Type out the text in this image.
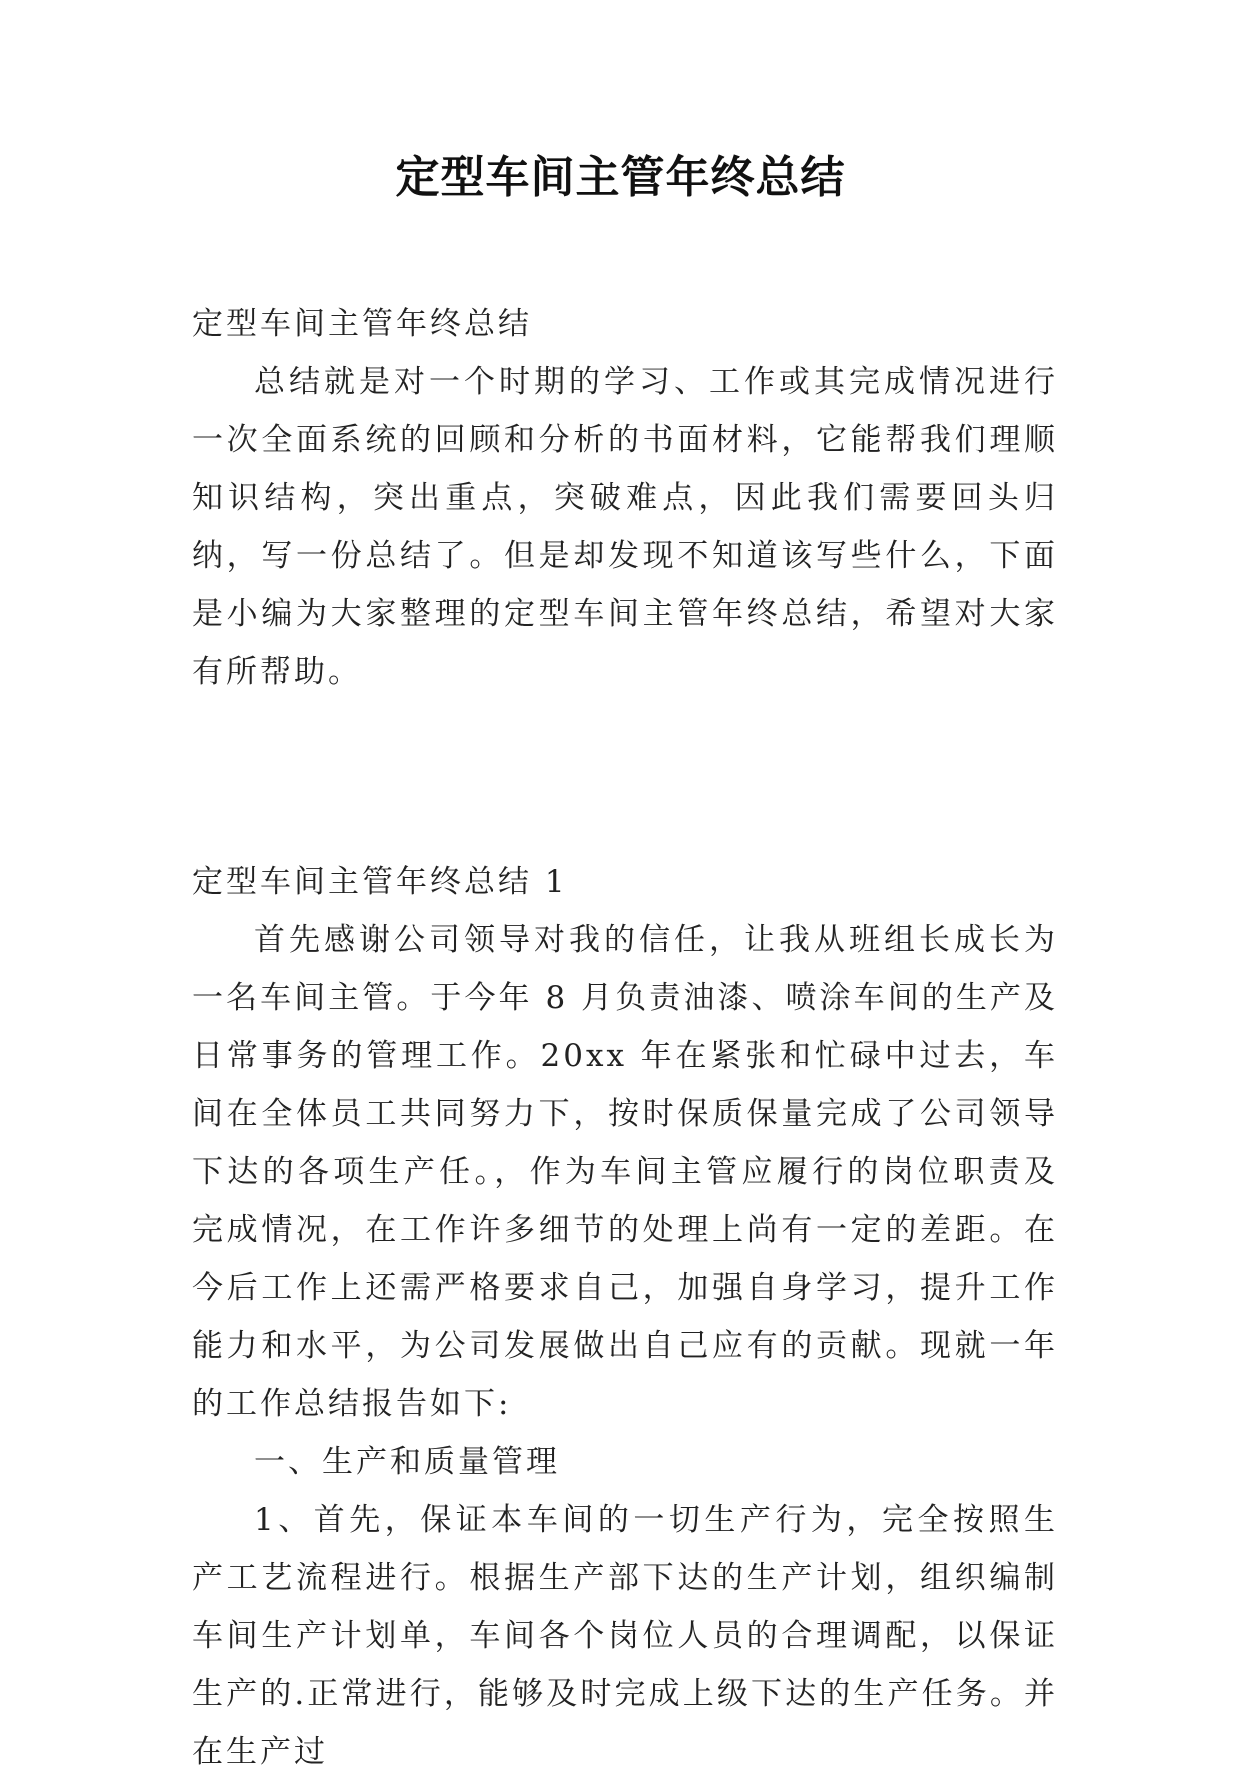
定型车间主管年终总结

定型车间主管年终总结

总结就是对一个时期的学习、工作或其完成情况进行一次全面系统的回顾和分析的书面材料，它能帮我们理顺知识结构，突出重点，突破难点，因此我们需要回头归纳，写一份总结了。但是却发现不知道该写些什么，下面是小编为大家整理的定型车间主管年终总结，希望对大家有所帮助。

定型车间主管年终总结 1

首先感谢公司领导对我的信任，让我从班组长成长为一名车间主管。于今年 8 月负责油漆、喷涂车间的生产及日常事务的管理工作。20xx 年在紧张和忙碌中过去，车间在全体员工共同努力下，按时保质保量完成了公司领导下达的各项生产任。，作为车间主管应履行的岗位职责及完成情况，在工作许多细节的处理上尚有一定的差距。在今后工作上还需严格要求自己，加强自身学习，提升工作能力和水平，为公司发展做出自己应有的贡献。现就一年的工作总结报告如下:

一、生产和质量管理

1、首先，保证本车间的一切生产行为，完全按照生产工艺流程进行。根据生产部下达的生产计划，组织编制车间生产计划单，车间各个岗位人员的合理调配，以保证生产的.正常进行，能够及时完成上级下达的生产任务。并在生产过
